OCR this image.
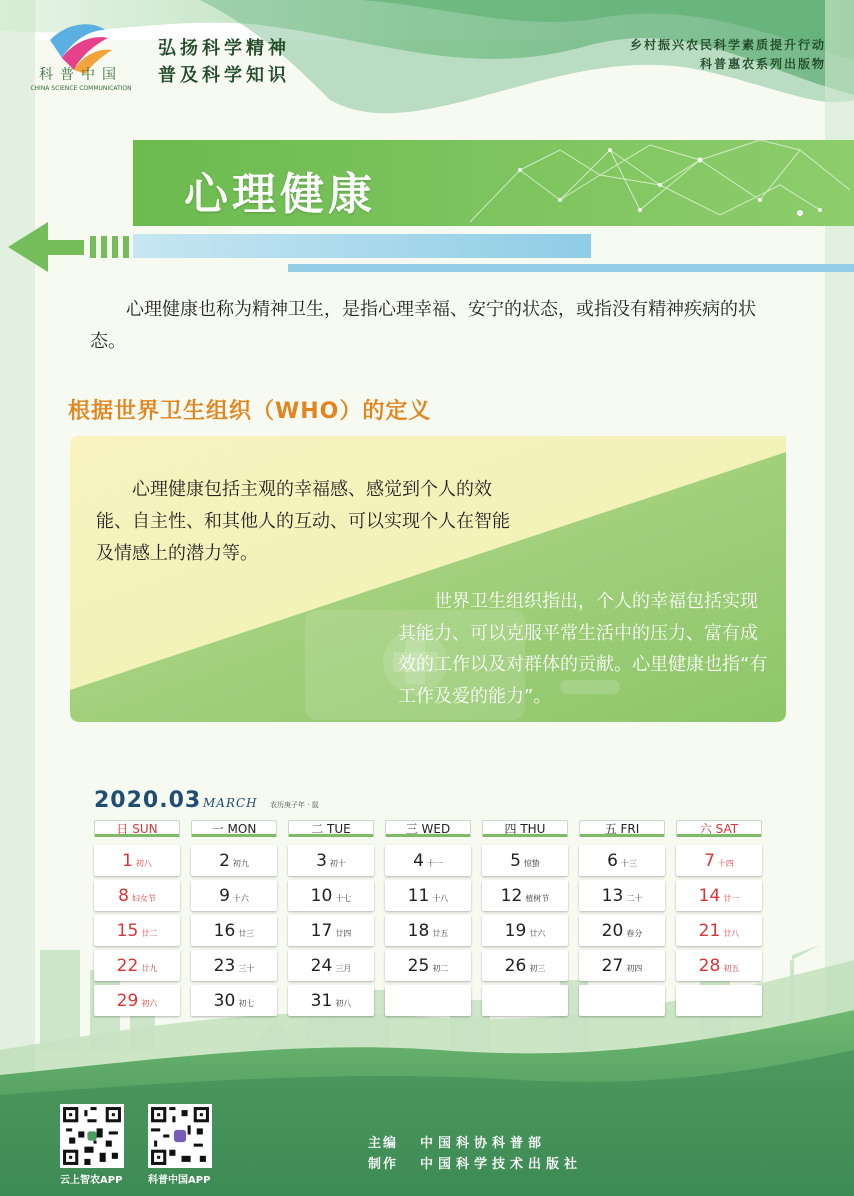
科普中国
CHINA SCIENCE COMMUNICATION
弘扬科学精神
普及科学知识
乡村振兴农民科学素质提升行动
科普惠农系列出版物
心理健康
心理健康也称为精神卫生，是指心理幸福、安宁的状态，或指没有精神疾病的状态。
根据世界卫生组织（WHO）的定义
心理健康包括主观的幸福感、感觉到个人的效能、自主性、和其他人的互动、可以实现个人在智能及情感上的潜力等。
世界卫生组织指出，个人的幸福包括实现其能力、可以克服平常生活中的压力、富有成效的工作以及对群体的贡献。心里健康也指“有工作及爱的能力”。
2020.03 MARCH 农历庚子年 · 鼠
日 SUN	一 MON	二 TUE	三 WED	四 THU	五 FRI	六 SAT
1 初八	2 初九	3 初十	4 十一	5 惊蛰	6 十三	7 十四
8 妇女节	9 十六	10 十七	11 十八	12 植树节	13 二十	14 廿一
15 廿二	16 廿三	17 廿四	18 廿五	19 廿六	20 春分	21 廿八
22 廿九	23 三十	24 三月	25 初二	26 初三	27 初四	28 初五
29 初六	30 初七	31 初八
云上智农APP	科普中国APP
主编 中国科协科普部
制作 中国科学技术出版社
